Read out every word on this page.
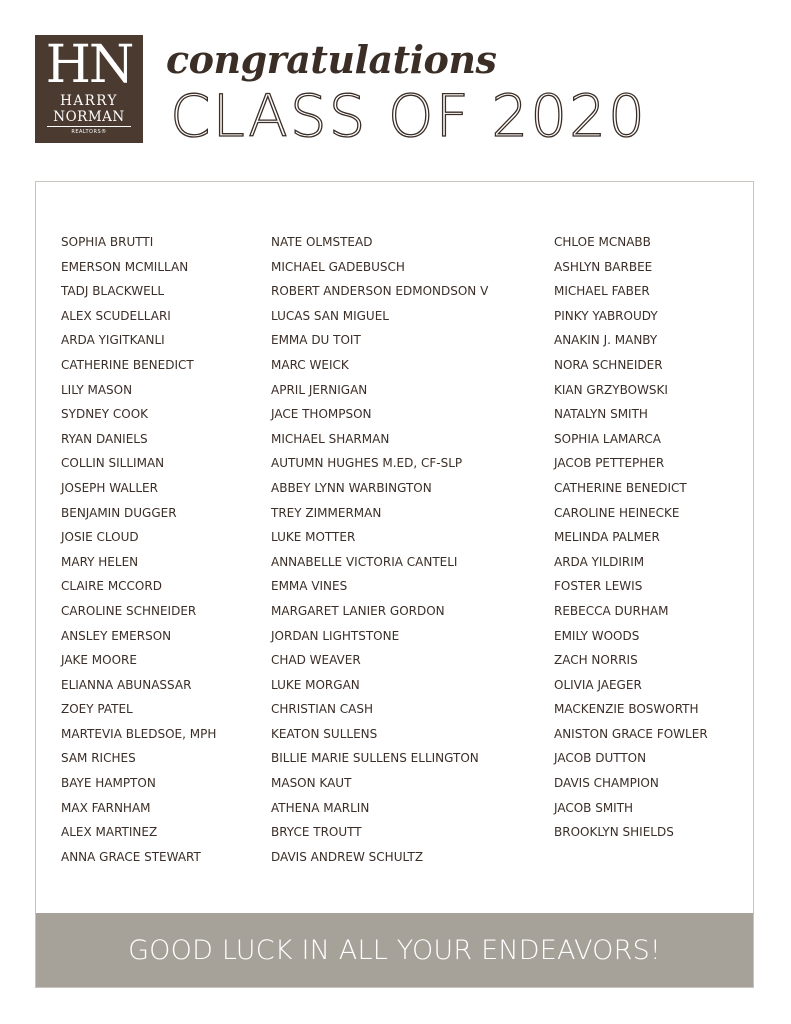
HN
HARRY
NORMAN
REALTORS®
congratulations
CLASS OF 2020
SOPHIA BRUTTI
EMERSON MCMILLAN
TADJ BLACKWELL
ALEX SCUDELLARI
ARDA YIGITKANLI
CATHERINE BENEDICT
LILY MASON
SYDNEY COOK
RYAN DANIELS
COLLIN SILLIMAN
JOSEPH WALLER
BENJAMIN DUGGER
JOSIE CLOUD
MARY HELEN
CLAIRE MCCORD
CAROLINE SCHNEIDER
ANSLEY EMERSON
JAKE MOORE
ELIANNA ABUNASSAR
ZOEY PATEL
MARTEVIA BLEDSOE, MPH
SAM RICHES
BAYE HAMPTON
MAX FARNHAM
ALEX MARTINEZ
ANNA GRACE STEWART
NATE OLMSTEAD
MICHAEL GADEBUSCH
ROBERT ANDERSON EDMONDSON V
LUCAS SAN MIGUEL
EMMA DU TOIT
MARC WEICK
APRIL JERNIGAN
JACE THOMPSON
MICHAEL SHARMAN
AUTUMN HUGHES M.ED, CF-SLP
ABBEY LYNN WARBINGTON
TREY ZIMMERMAN
LUKE MOTTER
ANNABELLE VICTORIA CANTELI
EMMA VINES
MARGARET LANIER GORDON
JORDAN LIGHTSTONE
CHAD WEAVER
LUKE MORGAN
CHRISTIAN CASH
KEATON SULLENS
BILLIE MARIE SULLENS ELLINGTON
MASON KAUT
ATHENA MARLIN
BRYCE TROUTT
DAVIS ANDREW SCHULTZ
CHLOE MCNABB
ASHLYN BARBEE
MICHAEL FABER
PINKY YABROUDY
ANAKIN J. MANBY
NORA SCHNEIDER
KIAN GRZYBOWSKI
NATALYN SMITH
SOPHIA LAMARCA
JACOB PETTEPHER
CATHERINE BENEDICT
CAROLINE HEINECKE
MELINDA PALMER
ARDA YILDIRIM
FOSTER LEWIS
REBECCA DURHAM
EMILY WOODS
ZACH NORRIS
OLIVIA JAEGER
MACKENZIE BOSWORTH
ANISTON GRACE FOWLER
JACOB DUTTON
DAVIS CHAMPION
JACOB SMITH
BROOKLYN SHIELDS
GOOD LUCK IN ALL YOUR ENDEAVORS!
